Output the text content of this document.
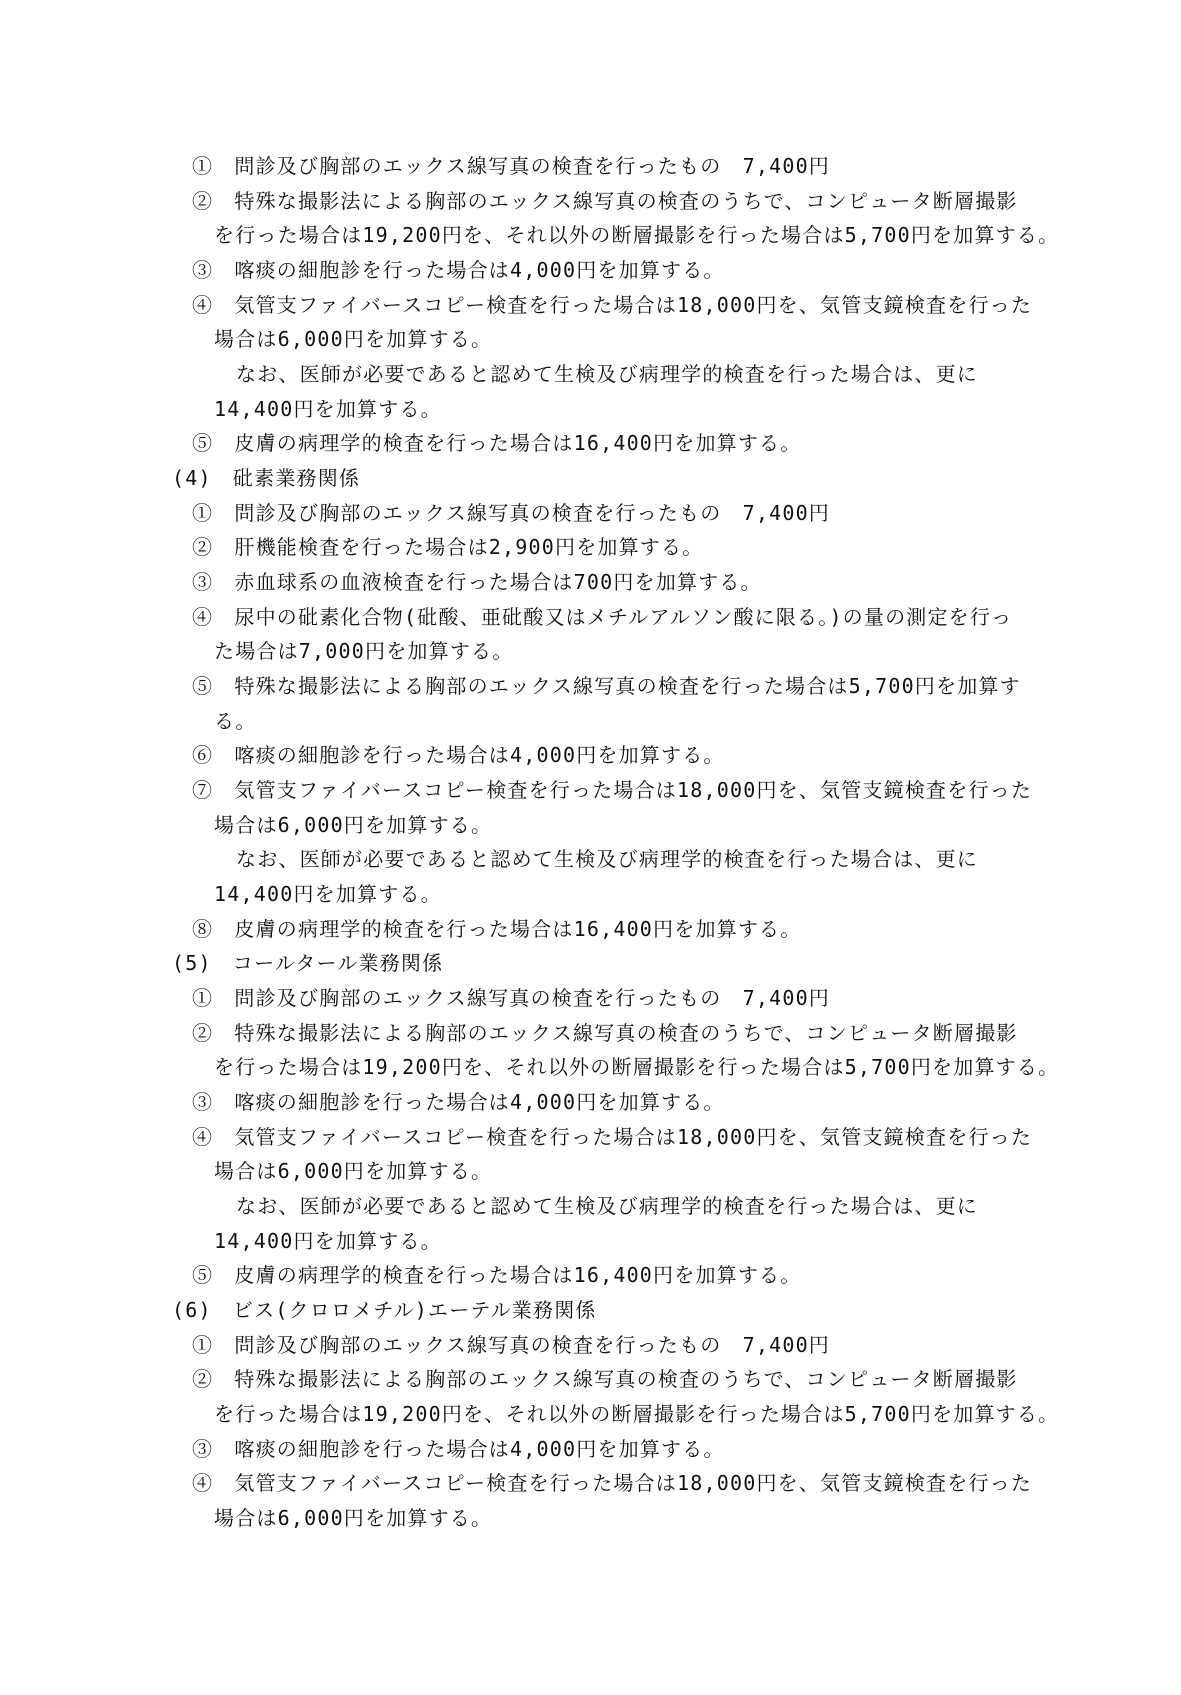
①　問診及び胸部のエックス線写真の検査を行ったもの　7,400円
②　特殊な撮影法による胸部のエックス線写真の検査のうちで、コンピュータ断層撮影
を行った場合は19,200円を、それ以外の断層撮影を行った場合は5,700円を加算する。
③　喀痰の細胞診を行った場合は4,000円を加算する。
④　気管支ファイバースコピー検査を行った場合は18,000円を、気管支鏡検査を行った
場合は6,000円を加算する。
なお、医師が必要であると認めて生検及び病理学的検査を行った場合は、更に
14,400円を加算する。
⑤　皮膚の病理学的検査を行った場合は16,400円を加算する。
(4)　砒素業務関係
①　問診及び胸部のエックス線写真の検査を行ったもの　7,400円
②　肝機能検査を行った場合は2,900円を加算する。
③　赤血球系の血液検査を行った場合は700円を加算する。
④　尿中の砒素化合物(砒酸、亜砒酸又はメチルアルソン酸に限る。)の量の測定を行っ
た場合は7,000円を加算する。
⑤　特殊な撮影法による胸部のエックス線写真の検査を行った場合は5,700円を加算す
る。
⑥　喀痰の細胞診を行った場合は4,000円を加算する。
⑦　気管支ファイバースコピー検査を行った場合は18,000円を、気管支鏡検査を行った
場合は6,000円を加算する。
なお、医師が必要であると認めて生検及び病理学的検査を行った場合は、更に
14,400円を加算する。
⑧　皮膚の病理学的検査を行った場合は16,400円を加算する。
(5)　コールタール業務関係
①　問診及び胸部のエックス線写真の検査を行ったもの　7,400円
②　特殊な撮影法による胸部のエックス線写真の検査のうちで、コンピュータ断層撮影
を行った場合は19,200円を、それ以外の断層撮影を行った場合は5,700円を加算する。
③　喀痰の細胞診を行った場合は4,000円を加算する。
④　気管支ファイバースコピー検査を行った場合は18,000円を、気管支鏡検査を行った
場合は6,000円を加算する。
なお、医師が必要であると認めて生検及び病理学的検査を行った場合は、更に
14,400円を加算する。
⑤　皮膚の病理学的検査を行った場合は16,400円を加算する。
(6)　ビス(クロロメチル)エーテル業務関係
①　問診及び胸部のエックス線写真の検査を行ったもの　7,400円
②　特殊な撮影法による胸部のエックス線写真の検査のうちで、コンピュータ断層撮影
を行った場合は19,200円を、それ以外の断層撮影を行った場合は5,700円を加算する。
③　喀痰の細胞診を行った場合は4,000円を加算する。
④　気管支ファイバースコピー検査を行った場合は18,000円を、気管支鏡検査を行った
場合は6,000円を加算する。
